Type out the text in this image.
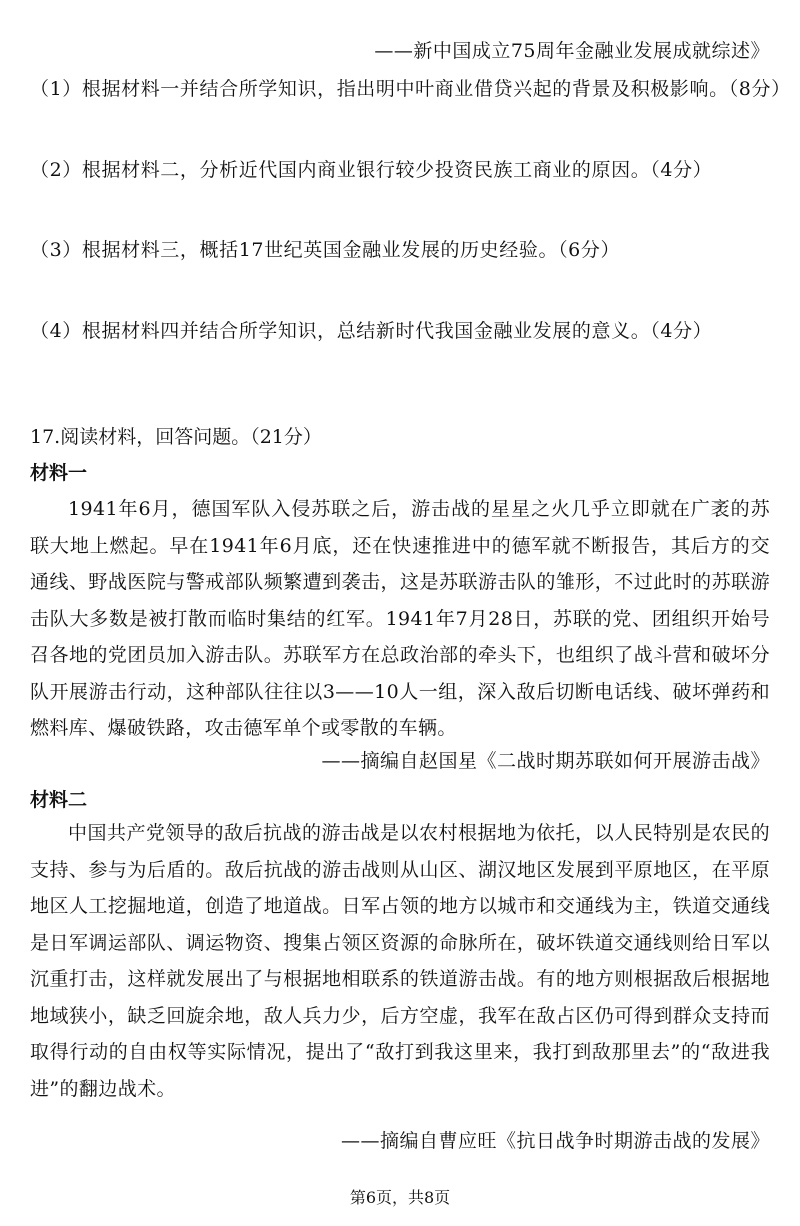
——新中国成立75周年金融业发展成就综述》
（1）根据材料一并结合所学知识，指出明中叶商业借贷兴起的背景及积极影响。（8分）
（2）根据材料二，分析近代国内商业银行较少投资民族工商业的原因。（4分）
（3）根据材料三，概括17世纪英国金融业发展的历史经验。（6分）
（4）根据材料四并结合所学知识，总结新时代我国金融业发展的意义。（4分）
17.阅读材料，回答问题。（21分）
材料一

1941年6月，德国军队入侵苏联之后，游击战的星星之火几乎立即就在广袤的苏联大地上燃起。早在1941年6月底，还在快速推进中的德军就不断报告，其后方的交通线、野战医院与警戒部队频繁遭到袭击，这是苏联游击队的雏形，不过此时的苏联游击队大多数是被打散而临时集结的红军。1941年7月28日，苏联的党、团组织开始号召各地的党团员加入游击队。苏联军方在总政治部的牵头下，也组织了战斗营和破坏分队开展游击行动，这种部队往往以3——10人一组，深入敌后切断电话线、破坏弹药和燃料库、爆破铁路，攻击德军单个或零散的车辆。

——摘编自赵国星《二战时期苏联如何开展游击战》
材料二

中国共产党领导的敌后抗战的游击战是以农村根据地为依托，以人民特别是农民的支持、参与为后盾的。敌后抗战的游击战则从山区、湖汉地区发展到平原地区，在平原地区人工挖掘地道，创造了地道战。日军占领的地方以城市和交通线为主，铁道交通线是日军调运部队、调运物资、搜集占领区资源的命脉所在，破坏铁道交通线则给日军以沉重打击，这样就发展出了与根据地相联系的铁道游击战。有的地方则根据敌后根据地地域狭小，缺乏回旋余地，敌人兵力少，后方空虚，我军在敌占区仍可得到群众支持而取得行动的自由权等实际情况，提出了“敌打到我这里来，我打到敌那里去”的“敌进我进”的翻边战术。

——摘编自曹应旺《抗日战争时期游击战的发展》
第6页，共8页
